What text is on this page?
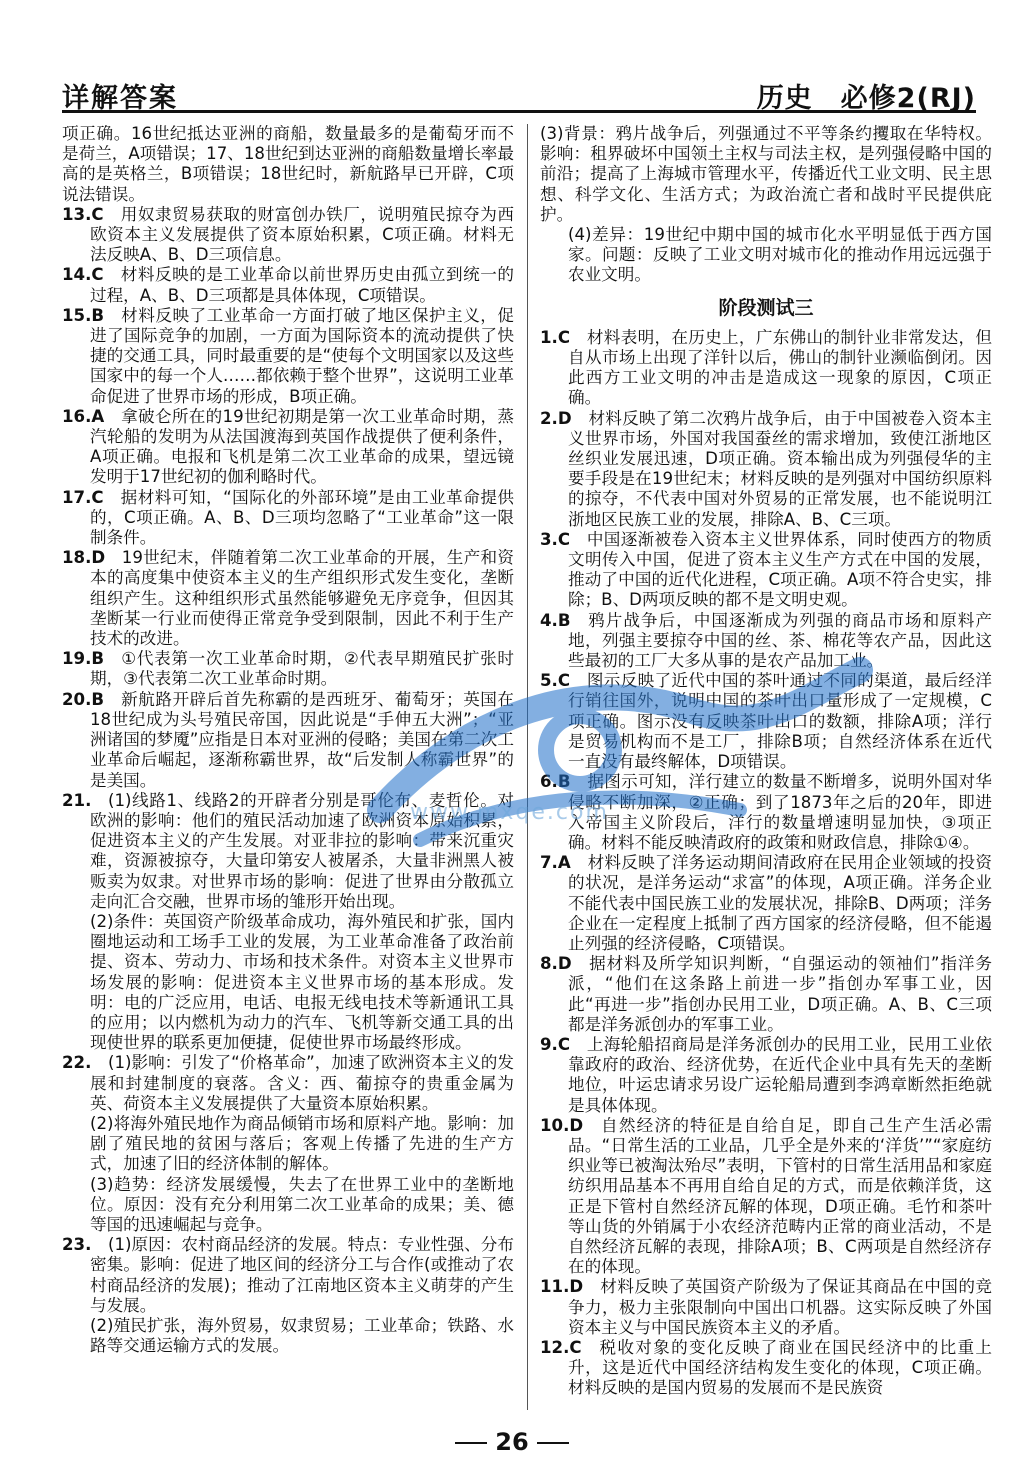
详解答案	历史　必修2(RJ)

项正确。16世纪抵达亚洲的商船，数量最多的是葡萄牙而不是荷兰，A项错误；17、18世纪到达亚洲的商船数量增长率最高的是英格兰，B项错误；18世纪时，新航路早已开辟，C项说法错误。

13.C  用奴隶贸易获取的财富创办铁厂，说明殖民掠夺为西欧资本主义发展提供了资本原始积累，C项正确。材料无法反映A、B、D三项信息。

14.C  材料反映的是工业革命以前世界历史由孤立到统一的过程，A、B、D三项都是具体体现，C项错误。

15.B  材料反映了工业革命一方面打破了地区保护主义，促进了国际竞争的加剧，一方面为国际资本的流动提供了快捷的交通工具，同时最重要的是“使每个文明国家以及这些国家中的每一个人……都依赖于整个世界”，这说明工业革命促进了世界市场的形成，B项正确。

16.A  拿破仑所在的19世纪初期是第一次工业革命时期，蒸汽轮船的发明为从法国渡海到英国作战提供了便利条件，A项正确。电报和飞机是第二次工业革命的成果，望远镜发明于17世纪初的伽利略时代。

17.C  据材料可知，“国际化的外部环境”是由工业革命提供的，C项正确。A、B、D三项均忽略了“工业革命”这一限制条件。

18.D  19世纪末，伴随着第二次工业革命的开展，生产和资本的高度集中使资本主义的生产组织形式发生变化，垄断组织产生。这种组织形式虽然能够避免无序竞争，但因其垄断某一行业而使得正常竞争受到限制，因此不利于生产技术的改进。

19.B  ①代表第一次工业革命时期，②代表早期殖民扩张时期，③代表第二次工业革命时期。

20.B  新航路开辟后首先称霸的是西班牙、葡萄牙；英国在18世纪成为头号殖民帝国，因此说是“手伸五大洲”；“亚洲诸国的梦魇”应指是日本对亚洲的侵略；美国在第二次工业革命后崛起，逐渐称霸世界，故“后发制人称霸世界”的是美国。

21.  (1)线路1、线路2的开辟者分别是哥伦布、麦哲伦。对欧洲的影响：他们的殖民活动加速了欧洲资本原始积累，促进资本主义的产生发展。对亚非拉的影响：带来沉重灾难，资源被掠夺，大量印第安人被屠杀，大量非洲黑人被贩卖为奴隶。对世界市场的影响：促进了世界由分散孤立走向汇合交融，世界市场的雏形开始出现。

(2)条件：英国资产阶级革命成功，海外殖民和扩张，国内圈地运动和工场手工业的发展，为工业革命准备了政治前提、资本、劳动力、市场和技术条件。对资本主义世界市场发展的影响：促进资本主义世界市场的基本形成。发明：电的广泛应用，电话、电报无线电技术等新通讯工具的应用；以内燃机为动力的汽车、飞机等新交通工具的出现使世界的联系更加便捷，促使世界市场最终形成。

22.  (1)影响：引发了“价格革命”，加速了欧洲资本主义的发展和封建制度的衰落。含义：西、葡掠夺的贵重金属为英、荷资本主义发展提供了大量资本原始积累。

(2)将海外殖民地作为商品倾销市场和原料产地。影响：加剧了殖民地的贫困与落后；客观上传播了先进的生产方式，加速了旧的经济体制的解体。

(3)趋势：经济发展缓慢，失去了在世界工业中的垄断地位。原因：没有充分利用第二次工业革命的成果；美、德等国的迅速崛起与竞争。

23.  (1)原因：农村商品经济的发展。特点：专业性强、分布密集。影响：促进了地区间的经济分工与合作(或推动了农村商品经济的发展)；推动了江南地区资本主义萌芽的产生与发展。

(2)殖民扩张，海外贸易，奴隶贸易；工业革命；铁路、水路等交通运输方式的发展。

(3)背景：鸦片战争后，列强通过不平等条约攫取在华特权。影响：租界破坏中国领土主权与司法主权，是列强侵略中国的前沿；提高了上海城市管理水平，传播近代工业文明、民主思想、科学文化、生活方式；为政治流亡者和战时平民提供庇护。

(4)差异：19世纪中期中国的城市化水平明显低于西方国家。问题：反映了工业文明对城市化的推动作用远远强于农业文明。

阶段测试三

1.C  材料表明，在历史上，广东佛山的制针业非常发达，但自从市场上出现了洋针以后，佛山的制针业濒临倒闭。因此西方工业文明的冲击是造成这一现象的原因，C项正确。

2.D  材料反映了第二次鸦片战争后，由于中国被卷入资本主义世界市场，外国对我国蚕丝的需求增加，致使江浙地区丝织业发展迅速，D项正确。资本输出成为列强侵华的主要手段是在19世纪末；材料反映的是列强对中国纺织原料的掠夺，不代表中国对外贸易的正常发展，也不能说明江浙地区民族工业的发展，排除A、B、C三项。

3.C  中国逐渐被卷入资本主义世界体系，同时使西方的物质文明传入中国，促进了资本主义生产方式在中国的发展，推动了中国的近代化进程，C项正确。A项不符合史实，排除；B、D两项反映的都不是文明史观。

4.B  鸦片战争后，中国逐渐成为列强的商品市场和原料产地，列强主要掠夺中国的丝、茶、棉花等农产品，因此这些最初的工厂大多从事的是农产品加工业。

5.C  图示反映了近代中国的茶叶通过不同的渠道，最后经洋行销往国外，说明中国的茶叶出口量形成了一定规模，C项正确。图示没有反映茶叶出口的数额，排除A项；洋行是贸易机构而不是工厂，排除B项；自然经济体系在近代一直没有最终解体，D项错误。

6.B  据图示可知，洋行建立的数量不断增多，说明外国对华侵略不断加深，②正确；到了1873年之后的20年，即进入帝国主义阶段后，洋行的数量增速明显加快，③项正确。材料不能反映清政府的政策和财政信息，排除①④。

7.A  材料反映了洋务运动期间清政府在民用企业领域的投资的状况，是洋务运动“求富”的体现，A项正确。洋务企业不能代表中国民族工业的发展状况，排除B、D两项；洋务企业在一定程度上抵制了西方国家的经济侵略，但不能遏止列强的经济侵略，C项错误。

8.D  据材料及所学知识判断，“自强运动的领袖们”指洋务派，“他们在这条路上前进一步”指创办军事工业，因此“再进一步”指创办民用工业，D项正确。A、B、C三项都是洋务派创办的军事工业。

9.C  上海轮船招商局是洋务派创办的民用工业，民用工业依靠政府的政治、经济优势，在近代企业中具有先天的垄断地位，叶运忠请求另设广运轮船局遭到李鸿章断然拒绝就是具体体现。

10.D  自然经济的特征是自给自足，即自己生产生活必需品。“日常生活的工业品，几乎全是外来的‘洋货’”“家庭纺织业等已被淘汰殆尽”表明，下管村的日常生活用品和家庭纺织用品基本不再用自给自足的方式，而是依赖洋货，这正是下管村自然经济瓦解的体现，D项正确。毛竹和茶叶等山货的外销属于小农经济范畴内正常的商业活动，不是自然经济瓦解的表现，排除A项；B、C两项是自然经济存在的体现。

11.D  材料反映了英国资产阶级为了保证其商品在中国的竞争力，极力主张限制向中国出口机器。这实际反映了外国资本主义与中国民族资本主义的矛盾。

12.C  税收对象的变化反映了商业在国民经济中的比重上升，这是近代中国经济结构发生变化的体现，C项正确。材料反映的是国内贸易的发展而不是民族资

www.mxqe.com
26
